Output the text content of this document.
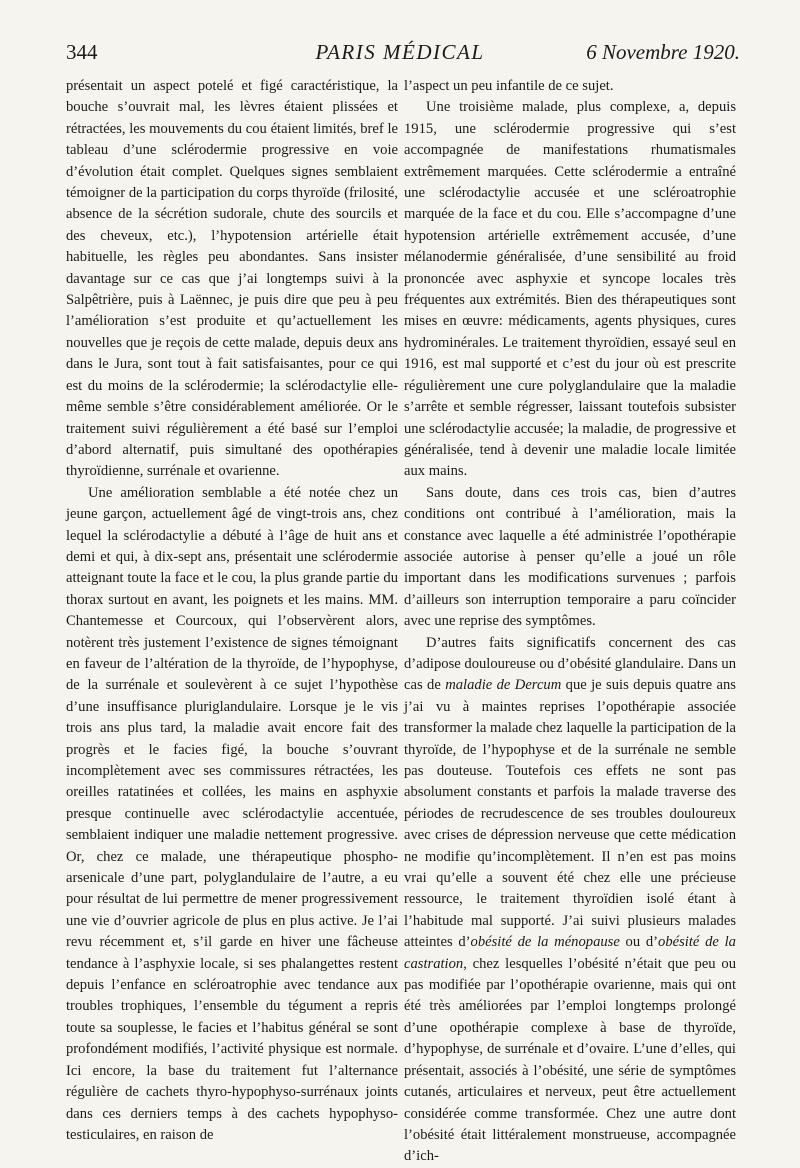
344	PARIS MÉDICAL	6 Novembre 1920.

présentait un aspect potelé et figé caractéristique, la bouche s’ouvrait mal, les lèvres étaient plissées et rétractées, les mouvements du cou étaient limités, bref le tableau d’une sclérodermie progressive en voie d’évolution était complet. Quelques signes semblaient témoigner de la participation du corps thyroïde (frilosité, absence de la sécrétion sudorale, chute des sourcils et des cheveux, etc.), l’hypotension artérielle était habituelle, les règles peu abondantes. Sans insister davantage sur ce cas que j’ai longtemps suivi à la Salpêtrière, puis à Laënnec, je puis dire que peu à peu l’amélioration s’est produite et qu’actuellement les nouvelles que je reçois de cette malade, depuis deux ans dans le Jura, sont tout à fait satisfaisantes, pour ce qui est du moins de la sclérodermie; la sclérodactylie elle-même semble s’être considérablement améliorée. Or le traitement suivi régulièrement a été basé sur l’emploi d’abord alternatif, puis simultané des opothérapies thyroïdienne, surrénale et ovarienne.

Une amélioration semblable a été notée chez un jeune garçon, actuellement âgé de vingt-trois ans, chez lequel la sclérodactylie a débuté à l’âge de huit ans et demi et qui, à dix-sept ans, présentait une sclérodermie atteignant toute la face et le cou, la plus grande partie du thorax surtout en avant, les poignets et les mains. MM. Chantemesse et Courcoux, qui l’observèrent alors, notèrent très justement l’existence de signes témoignant en faveur de l’altération de la thyroïde, de l’hypophyse, de la surrénale et soulevèrent à ce sujet l’hypothèse d’une insuffisance pluriglandulaire. Lorsque je le vis trois ans plus tard, la maladie avait encore fait des progrès et le facies figé, la bouche s’ouvrant incomplètement avec ses commissures rétractées, les oreilles ratatinées et collées, les mains en asphyxie presque continuelle avec sclérodactylie accentuée, semblaient indiquer une maladie nettement progressive. Or, chez ce malade, une thérapeutique phospho-arsenicale d’une part, polyglandulaire de l’autre, a eu pour résultat de lui permettre de mener progressivement une vie d’ouvrier agricole de plus en plus active. Je l’ai revu récemment et, s’il garde en hiver une fâcheuse tendance à l’asphyxie locale, si ses phalangettes restent depuis l’enfance en scléroatrophie avec tendance aux troubles trophiques, l’ensemble du tégument a repris toute sa souplesse, le facies et l’habitus général se sont profondément modifiés, l’activité physique est normale. Ici encore, la base du traitement fut l’alternance régulière de cachets thyro-hypophyso-surrénaux joints dans ces derniers temps à des cachets hypophyso-testiculaires, en raison de

l’aspect un peu infantile de ce sujet.

Une troisième malade, plus complexe, a, depuis 1915, une sclérodermie progressive qui s’est accompagnée de manifestations rhumatismales extrêmement marquées. Cette sclérodermie a entraîné une sclérodactylie accusée et une scléroatrophie marquée de la face et du cou. Elle s’accompagne d’une hypotension artérielle extrêmement accusée, d’une mélanodermie généralisée, d’une sensibilité au froid prononcée avec asphyxie et syncope locales très fréquentes aux extrémités. Bien des thérapeutiques sont mises en œuvre: médicaments, agents physiques, cures hydrominérales. Le traitement thyroïdien, essayé seul en 1916, est mal supporté et c’est du jour où est prescrite régulièrement une cure polyglandulaire que la maladie s’arrête et semble régresser, laissant toutefois subsister une sclérodactylie accusée; la maladie, de progressive et généralisée, tend à devenir une maladie locale limitée aux mains.

Sans doute, dans ces trois cas, bien d’autres conditions ont contribué à l’amélioration, mais la constance avec laquelle a été administrée l’opothérapie associée autorise à penser qu’elle a joué un rôle important dans les modifications survenues ; parfois d’ailleurs son interruption temporaire a paru coïncider avec une reprise des symptômes.

D’autres faits significatifs concernent des cas d’adipose douloureuse ou d’obésité glandulaire. Dans un cas de maladie de Dercum que je suis depuis quatre ans j’ai vu à maintes reprises l’opothérapie associée transformer la malade chez laquelle la participation de la thyroïde, de l’hypophyse et de la surrénale ne semble pas douteuse. Toutefois ces effets ne sont pas absolument constants et parfois la malade traverse des périodes de recrudescence de ses troubles douloureux avec crises de dépression nerveuse que cette médication ne modifie qu’incomplètement. Il n’en est pas moins vrai qu’elle a souvent été chez elle une précieuse ressource, le traitement thyroïdien isolé étant à l’habitude mal supporté. J’ai suivi plusieurs malades atteintes d’obésité de la ménopause ou d’obésité de la castration, chez lesquelles l’obésité n’était que peu ou pas modifiée par l’opothérapie ovarienne, mais qui ont été très améliorées par l’emploi longtemps prolongé d’une opothérapie complexe à base de thyroïde, d’hypophyse, de surrénale et d’ovaire. L’une d’elles, qui présentait, associés à l’obésité, une série de symptômes cutanés, articulaires et nerveux, peut être actuellement considérée comme transformée. Chez une autre dont l’obésité était littéralement monstrueuse, accompagnée d’ich-
